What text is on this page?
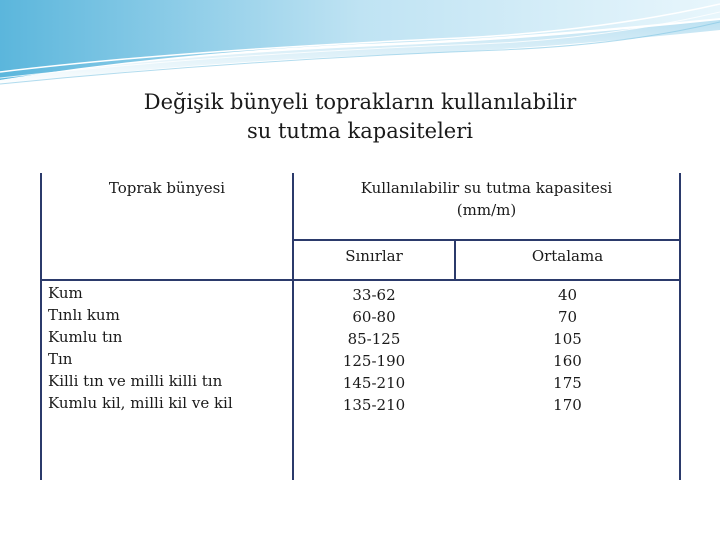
Değişik bünyeli toprakların kullanılabilir
su tutma kapasiteleri
Toprak bünyesi	Kullanılabilir su tutma kapasitesi
(mm/m)
Sınırlar	Ortalama
Kum
Tınlı kum
Kumlu tın
Tın
Killi tın ve milli killi tın
Kumlu kil, milli kil ve kil
33-62
60-80
85-125
125-190
145-210
135-210
40
70
105
160
175
170
